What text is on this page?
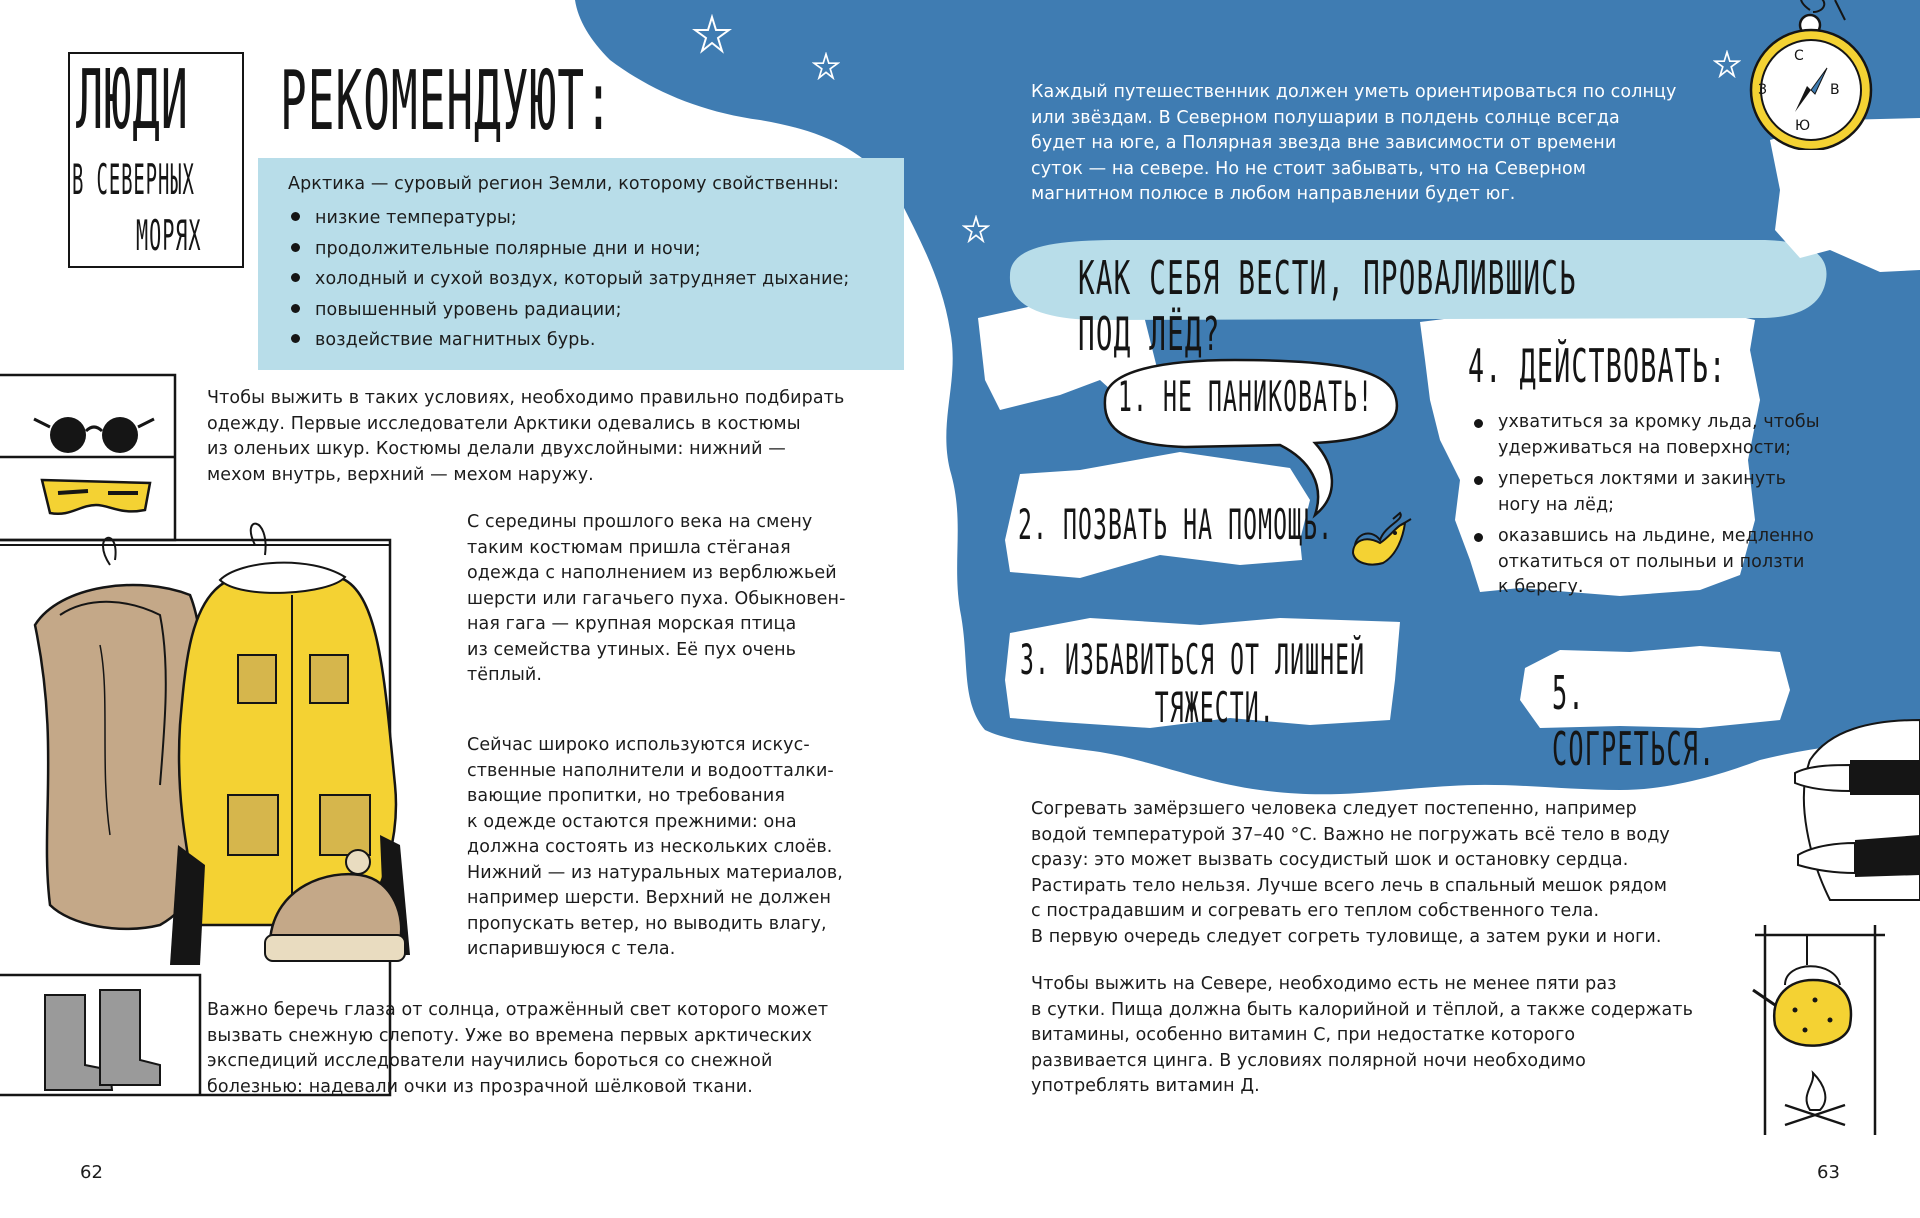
С
Ю
З	В
ЛЮДИ
В СЕВЕРНЫХ
МОРЯХ
РЕКОМЕНДУЮТ:
Арктика — суровый регион Земли, которому свойственны:
низкие температуры;
продолжительные полярные дни и ночи;
холодный и сухой воздух, который затрудняет дыхание;
повышенный уровень радиации;
воздействие магнитных бурь.
Чтобы выжить в таких условиях, необходимо правильно подбирать
одежду. Первые исследователи Арктики одевались в костюмы
из оленьих шкур. Костюмы делали двухслойными: нижний —
мехом внутрь, верхний — мехом наружу.
С середины прошлого века на смену
таким костюмам пришла стёганая
одежда с наполнением из верблюжьей
шерсти или гагачьего пуха. Обыкновен-
ная гага — крупная морская птица
из семейства утиных. Её пух очень
тёплый.
Сейчас широко используются искус-
ственные наполнители и водоотталки-
вающие пропитки, но требования
к одежде остаются прежними: она
должна состоять из нескольких слоёв.
Нижний — из натуральных материалов,
например шерсти. Верхний не должен
пропускать ветер, но выводить влагу,
испарившуюся с тела.
Важно беречь глаза от солнца, отражённый свет которого может
вызвать снежную слепоту. Уже во времена первых арктических
экспедиций исследователи научились бороться со снежной
болезнью: надевали очки из прозрачной шёлковой ткани.
62
Каждый путешественник должен уметь ориентироваться по солнцу
или звёздам. В Северном полушарии в полдень солнце всегда
будет на юге, а Полярная звезда вне зависимости от времени
суток — на севере. Но не стоит забывать, что на Северном
магнитном полюсе в любом направлении будет юг.
КАК СЕБЯ ВЕСТИ, ПРОВАЛИВШИСЬ ПОД ЛЁД?
1. НЕ ПАНИКОВАТЬ!
2. ПОЗВАТЬ НА ПОМОЩЬ.
3. ИЗБАВИТЬСЯ ОТ ЛИШНЕЙ
ТЯЖЕСТИ.
4. ДЕЙСТВОВАТЬ:
ухватиться за кромку льда, чтобы
удерживаться на поверхности;
упереться локтями и закинуть
ногу на лёд;
оказавшись на льдине, медленно
откатиться от полыньи и ползти
к берегу.
5. СОГРЕТЬСЯ.
Согревать замёрзшего человека следует постепенно, например
водой температурой 37–40 °С. Важно не погружать всё тело в воду
сразу: это может вызвать сосудистый шок и остановку сердца.
Растирать тело нельзя. Лучше всего лечь в спальный мешок рядом
с пострадавшим и согревать его теплом собственного тела.
В первую очередь следует согреть туловище, а затем руки и ноги.
Чтобы выжить на Севере, необходимо есть не менее пяти раз
в сутки. Пища должна быть калорийной и тёплой, а также содержать
витамины, особенно витамин С, при недостатке которого
развивается цинга. В условиях полярной ночи необходимо
употреблять витамин Д.
63
